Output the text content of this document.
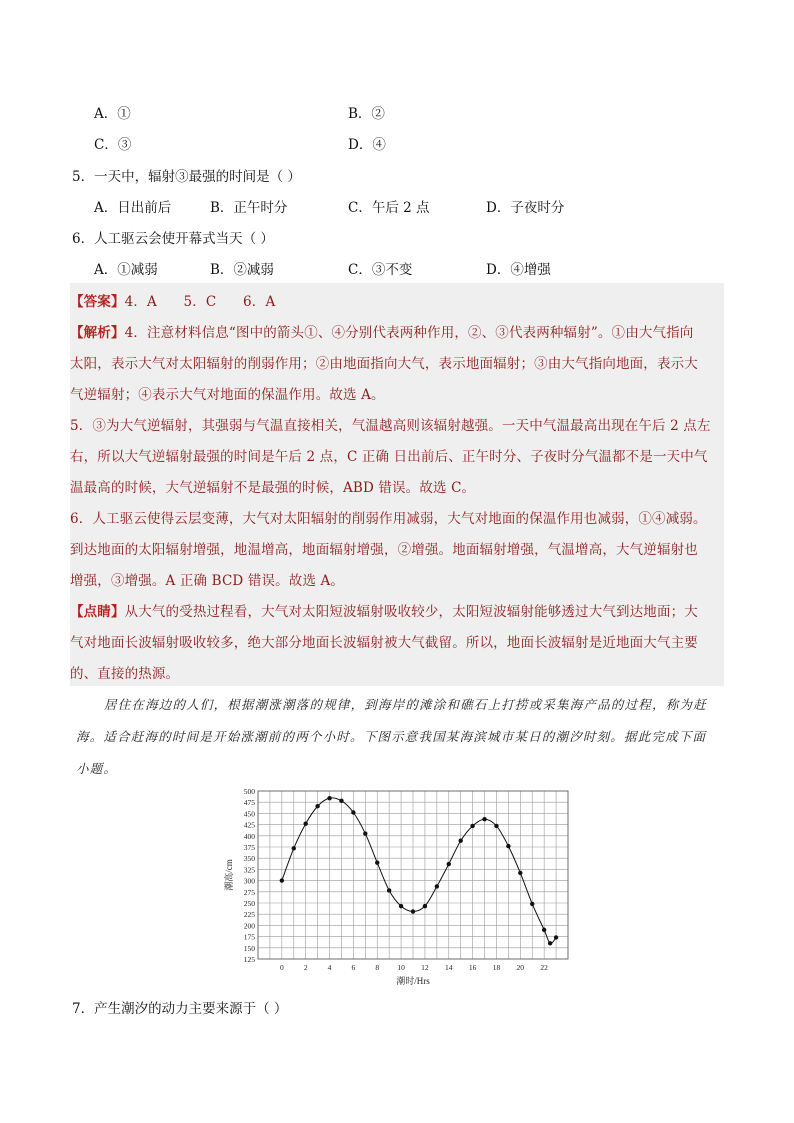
A．①	B．②
C．③	D．④
5．一天中，辐射③最强的时间是（ ）
A．日出前后	B．正午时分	C．午后 2 点	D．子夜时分
6．人工驱云会使开幕式当天（ ）
A．①减弱	B．②减弱	C．③不变	D．④增强
【答案】4．A      5．C      6．A
【解析】4．注意材料信息“图中的箭头①、④分别代表两种作用，②、③代表两种辐射”。①由大气指向
太阳，表示大气对太阳辐射的削弱作用；②由地面指向大气，表示地面辐射；③由大气指向地面，表示大
气逆辐射；④表示大气对地面的保温作用。故选 A。
5．③为大气逆辐射，其强弱与气温直接相关，气温越高则该辐射越强。一天中气温最高出现在午后 2 点左
右，所以大气逆辐射最强的时间是午后 2 点，C 正确 日出前后、正午时分、子夜时分气温都不是一天中气
温最高的时候，大气逆辐射不是最强的时候，ABD 错误。故选 C。
6．人工驱云使得云层变薄，大气对太阳辐射的削弱作用减弱，大气对地面的保温作用也减弱，①④减弱。
到达地面的太阳辐射增强，地温增高，地面辐射增强，②增强。地面辐射增强，气温增高，大气逆辐射也
增强，③增强。A 正确 BCD 错误。故选 A。
【点睛】从大气的受热过程看，大气对太阳短波辐射吸收较少，太阳短波辐射能够透过大气到达地面；大
气对地面长波辐射吸收较多，绝大部分地面长波辐射被大气截留。所以，地面长波辐射是近地面大气主要
的、直接的热源。
居住在海边的人们，根据潮涨潮落的规律，到海岸的滩涂和礁石上打捞或采集海产品的过程，称为赶
海。适合赶海的时间是开始涨潮前的两个小时。下图示意我国某海滨城市某日的潮汐时刻。据此完成下面
小题。
125
150
175
200
225
250
275
300
325
350
375
400
425
450
475
500
0	2	4	6	8 10 12 14 16 18 20 22
潮时/Hrs
潮高/cm
7．产生潮汐的动力主要来源于（ ）
